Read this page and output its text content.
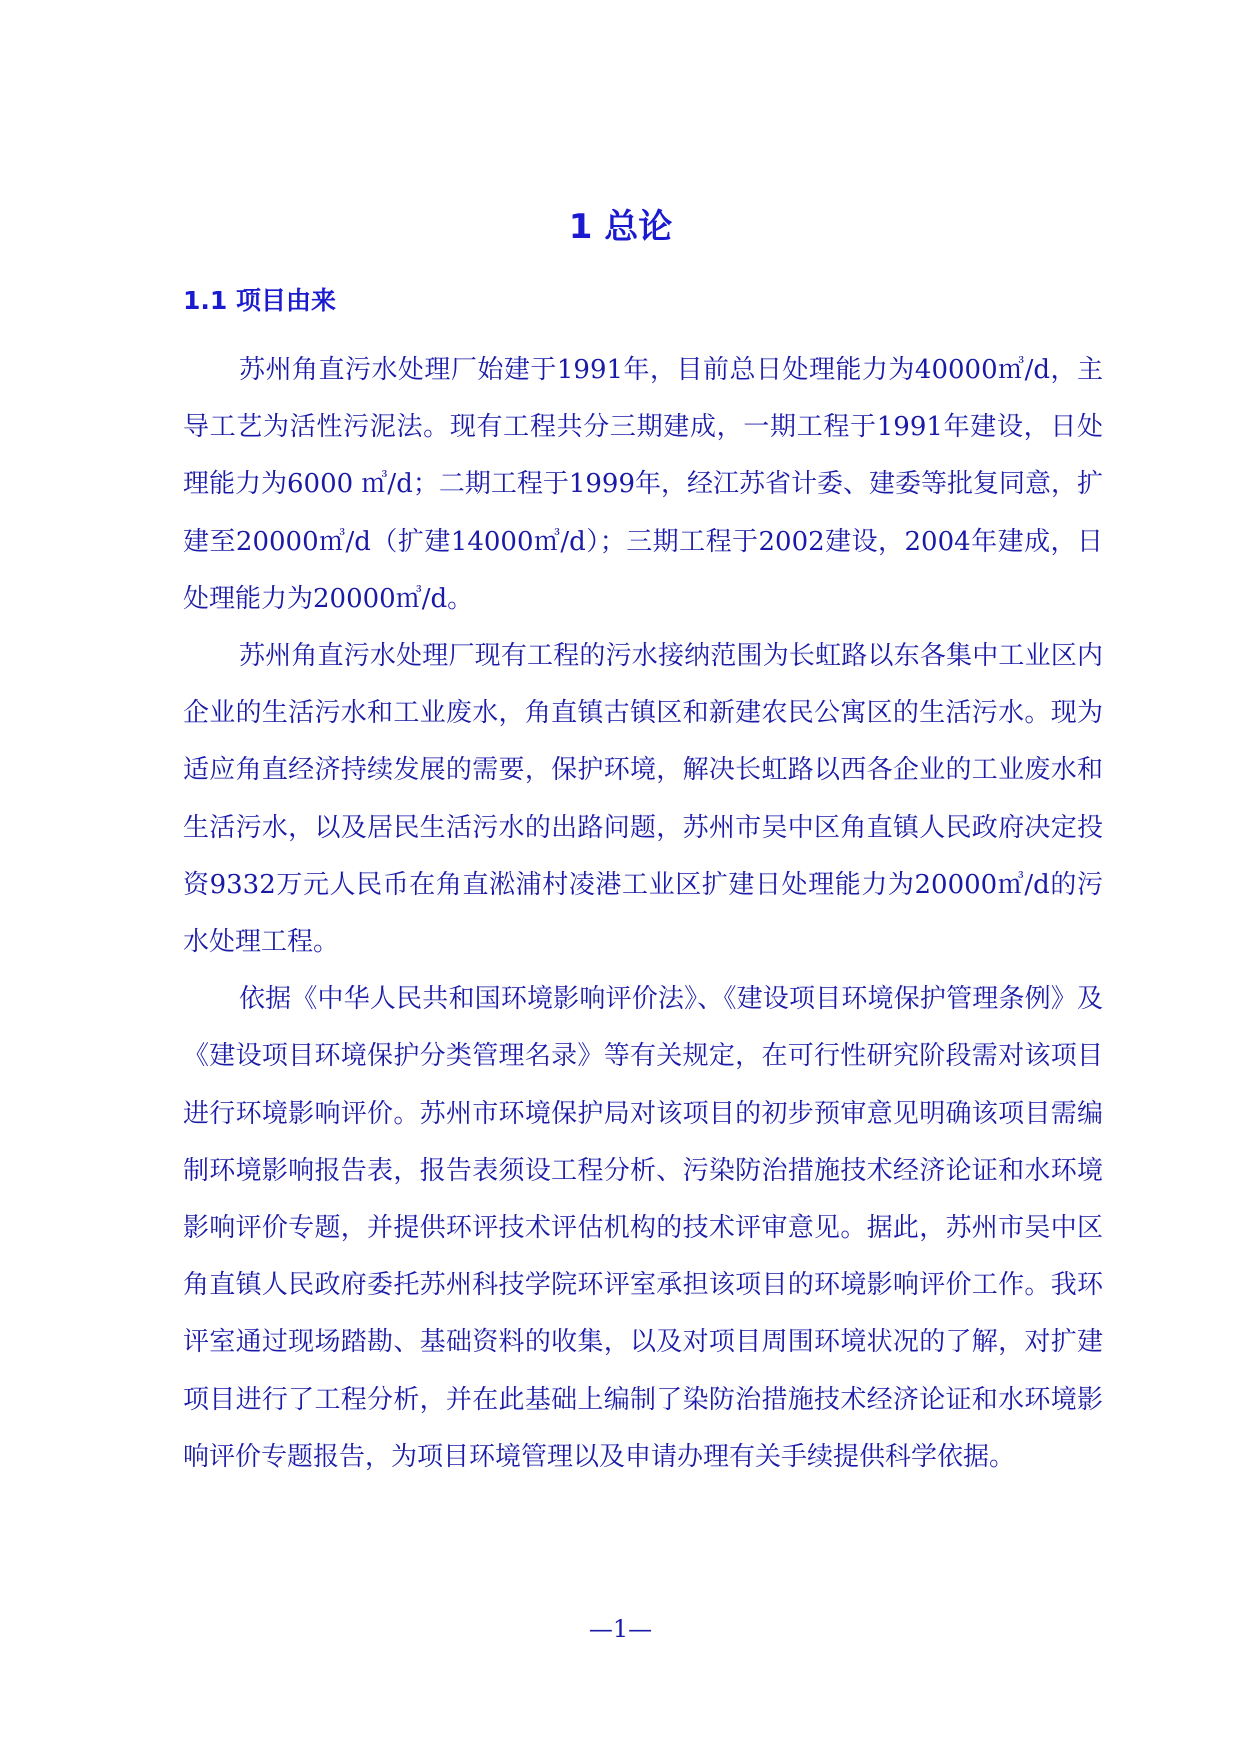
1 总论
1.1 项目由来

苏州角直污水处理厂始建于1991年，目前总日处理能力为40000㎥/d，主导工艺为活性污泥法。现有工程共分三期建成，一期工程于1991年建设，日处理能力为6000 ㎥/d；二期工程于1999年，经江苏省计委、建委等批复同意，扩建至20000㎥/d（扩建14000㎥/d）；三期工程于2002建设，2004年建成，日处理能力为20000㎥/d。

苏州角直污水处理厂现有工程的污水接纳范围为长虹路以东各集中工业区内企业的生活污水和工业废水，角直镇古镇区和新建农民公寓区的生活污水。现为适应角直经济持续发展的需要，保护环境，解决长虹路以西各企业的工业废水和生活污水，以及居民生活污水的出路问题，苏州市吴中区角直镇人民政府决定投资9332万元人民币在角直淞浦村凌港工业区扩建日处理能力为20000㎥/d的污水处理工程。

依据《中华人民共和国环境影响评价法》、《建设项目环境保护管理条例》及《建设项目环境保护分类管理名录》等有关规定，在可行性研究阶段需对该项目进行环境影响评价。苏州市环境保护局对该项目的初步预审意见明确该项目需编制环境影响报告表，报告表须设工程分析、污染防治措施技术经济论证和水环境影响评价专题，并提供环评技术评估机构的技术评审意见。据此，苏州市吴中区角直镇人民政府委托苏州科技学院环评室承担该项目的环境影响评价工作。我环评室通过现场踏勘、基础资料的收集，以及对项目周围环境状况的了解，对扩建项目进行了工程分析，并在此基础上编制了染防治措施技术经济论证和水环境影响评价专题报告，为项目环境管理以及申请办理有关手续提供科学依据。

—1—
